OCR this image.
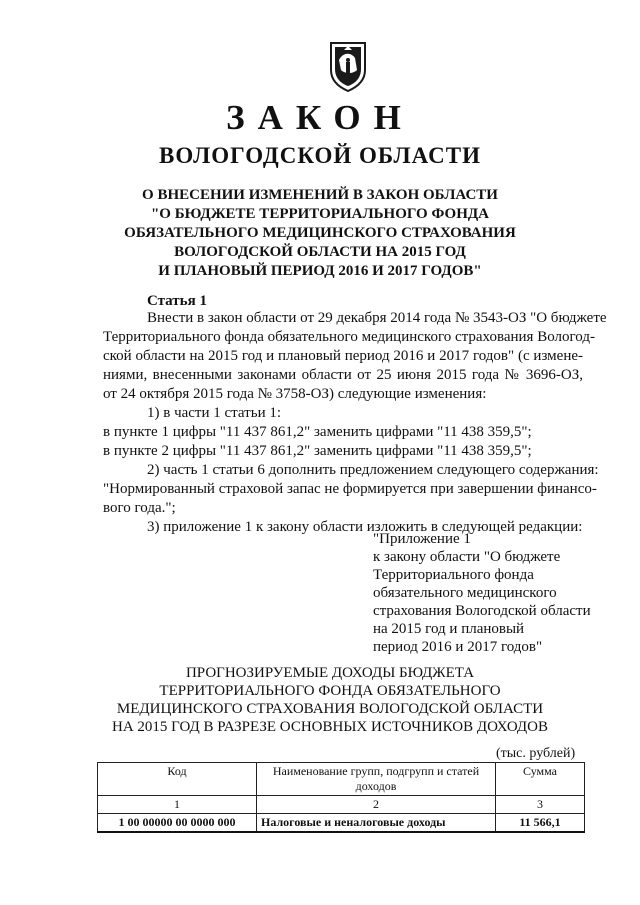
ЗАКОН
ВОЛОГОДСКОЙ ОБЛАСТИ
О ВНЕСЕНИИ ИЗМЕНЕНИЙ В ЗАКОН ОБЛАСТИ
"О БЮДЖЕТЕ ТЕРРИТОРИАЛЬНОГО ФОНДА
ОБЯЗАТЕЛЬНОГО МЕДИЦИНСКОГО СТРАХОВАНИЯ
ВОЛОГОДСКОЙ ОБЛАСТИ НА 2015 ГОД
И ПЛАНОВЫЙ ПЕРИОД 2016 И 2017 ГОДОВ"
Статья 1
Внести в закон области от 29 декабря 2014 года № 3543-ОЗ "О бюджете
Территориального фонда обязательного медицинского страхования Вологод-
ской области на 2015 год и плановый период 2016 и 2017 годов" (с измене-
ниями, внесенными законами области от 25 июня 2015 года № 3696-ОЗ,
от 24 октября 2015 года № 3758-ОЗ) следующие изменения:
1) в части 1 статьи 1:
в пункте 1 цифры "11 437 861,2" заменить цифрами "11 438 359,5";
в пункте 2 цифры "11 437 861,2" заменить цифрами "11 438 359,5";
2) часть 1 статьи 6 дополнить предложением следующего содержания:
"Нормированный страховой запас не формируется при завершении финансо-
вого года.";
3) приложение 1 к закону области изложить в следующей редакции:
"Приложение 1
к закону области "О бюджете
Территориального фонда
обязательного медицинского
страхования Вологодской области
на 2015 год и плановый
период 2016 и 2017 годов"
ПРОГНОЗИРУЕМЫЕ ДОХОДЫ БЮДЖЕТА
ТЕРРИТОРИАЛЬНОГО ФОНДА ОБЯЗАТЕЛЬНОГО
МЕДИЦИНСКОГО СТРАХОВАНИЯ ВОЛОГОДСКОЙ ОБЛАСТИ
НА 2015 ГОД В РАЗРЕЗЕ ОСНОВНЫХ ИСТОЧНИКОВ ДОХОДОВ
(тыс. рублей)
Код	Наименование групп, подгрупп и статей доходов	Сумма
1	2	3
1 00 00000 00 0000 000	Налоговые и неналоговые доходы	11 566,1
